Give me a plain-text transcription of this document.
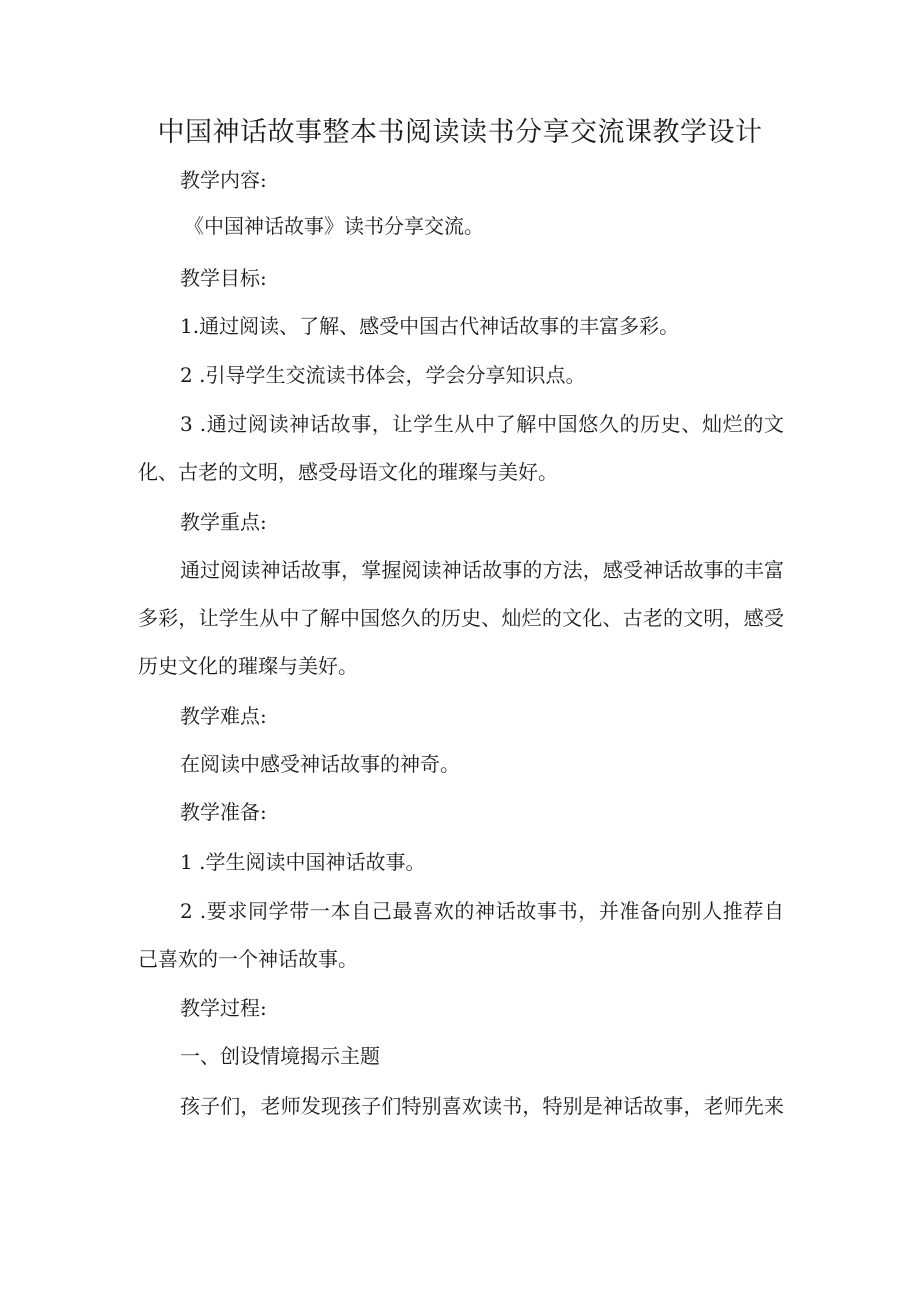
中国神话故事整本书阅读读书分享交流课教学设计
教学内容:
《中国神话故事》读书分享交流。
教学目标:
1.通过阅读、了解、感受中国古代神话故事的丰富多彩。
2 .引导学生交流读书体会，学会分享知识点。
3 .通过阅读神话故事，让学生从中了解中国悠久的历史、灿烂的文
化、古老的文明，感受母语文化的璀璨与美好。
教学重点:
通过阅读神话故事，掌握阅读神话故事的方法，感受神话故事的丰富
多彩，让学生从中了解中国悠久的历史、灿烂的文化、古老的文明，感受
历史文化的璀璨与美好。
教学难点:
在阅读中感受神话故事的神奇。
教学准备:
1 .学生阅读中国神话故事。
2 .要求同学带一本自己最喜欢的神话故事书，并准备向别人推荐自
己喜欢的一个神话故事。
教学过程:
一、创设情境揭示主题
孩子们，老师发现孩子们特别喜欢读书，特别是神话故事，老师先来
